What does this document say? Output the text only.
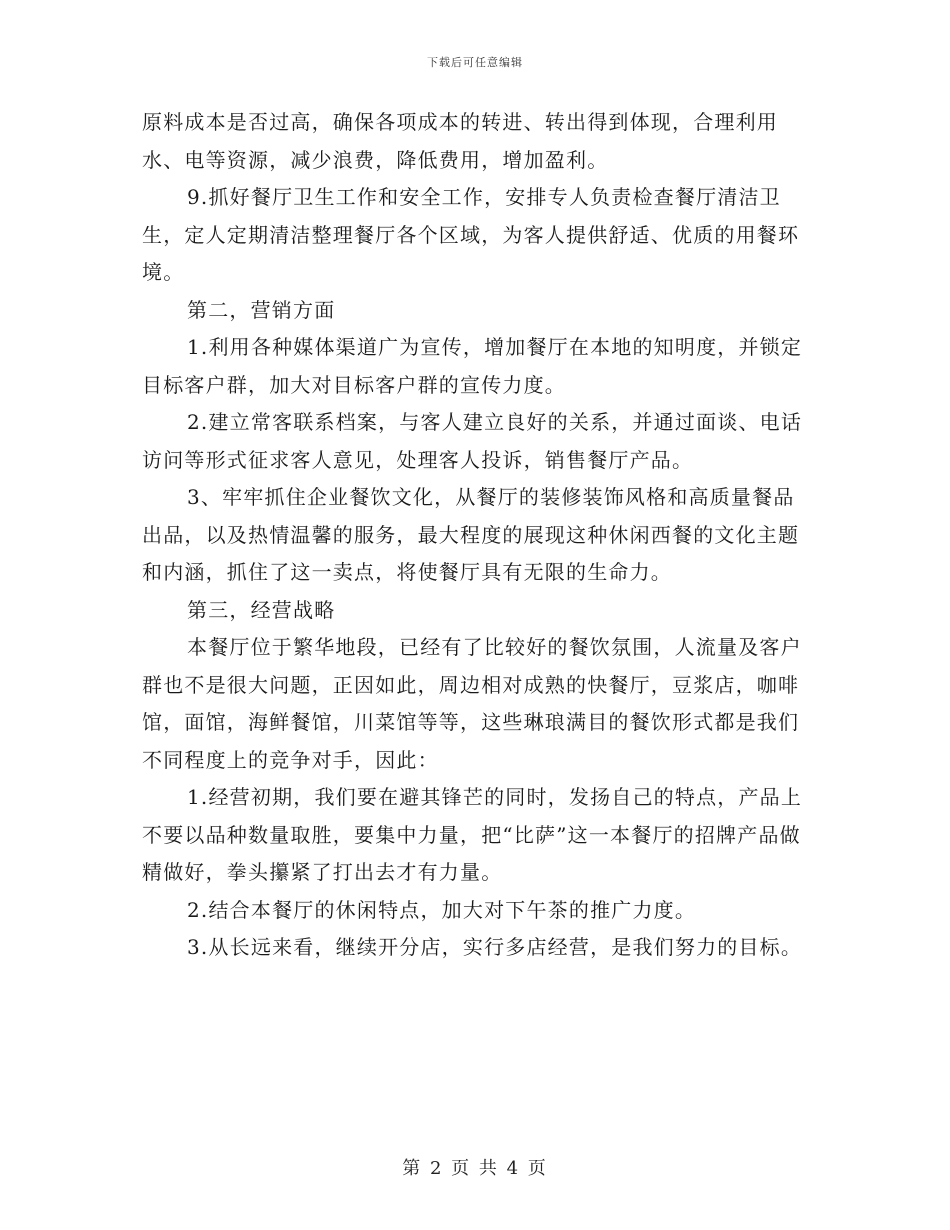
下载后可任意编辑

原料成本是否过高，确保各项成本的转进、转出得到体现，合理利用水、电等资源，减少浪费，降低费用，增加盈利。

9.抓好餐厅卫生工作和安全工作，安排专人负责检查餐厅清洁卫生，定人定期清洁整理餐厅各个区域，为客人提供舒适、优质的用餐环境。

第二，营销方面

1.利用各种媒体渠道广为宣传，增加餐厅在本地的知明度，并锁定目标客户群，加大对目标客户群的宣传力度。

2.建立常客联系档案，与客人建立良好的关系，并通过面谈、电话访问等形式征求客人意见，处理客人投诉，销售餐厅产品。

3、牢牢抓住企业餐饮文化，从餐厅的装修装饰风格和高质量餐品出品，以及热情温馨的服务，最大程度的展现这种休闲西餐的文化主题和内涵，抓住了这一卖点，将使餐厅具有无限的生命力。

第三，经营战略

本餐厅位于繁华地段，已经有了比较好的餐饮氛围，人流量及客户群也不是很大问题，正因如此，周边相对成熟的快餐厅，豆浆店，咖啡馆，面馆，海鲜餐馆，川菜馆等等，这些琳琅满目的餐饮形式都是我们不同程度上的竞争对手，因此：

1.经营初期，我们要在避其锋芒的同时，发扬自己的特点，产品上不要以品种数量取胜，要集中力量，把“比萨”这一本餐厅的招牌产品做精做好，拳头攥紧了打出去才有力量。

2.结合本餐厅的休闲特点，加大对下午茶的推广力度。

3.从长远来看，继续开分店，实行多店经营，是我们努力的目标。

第 2 页 共 4 页
